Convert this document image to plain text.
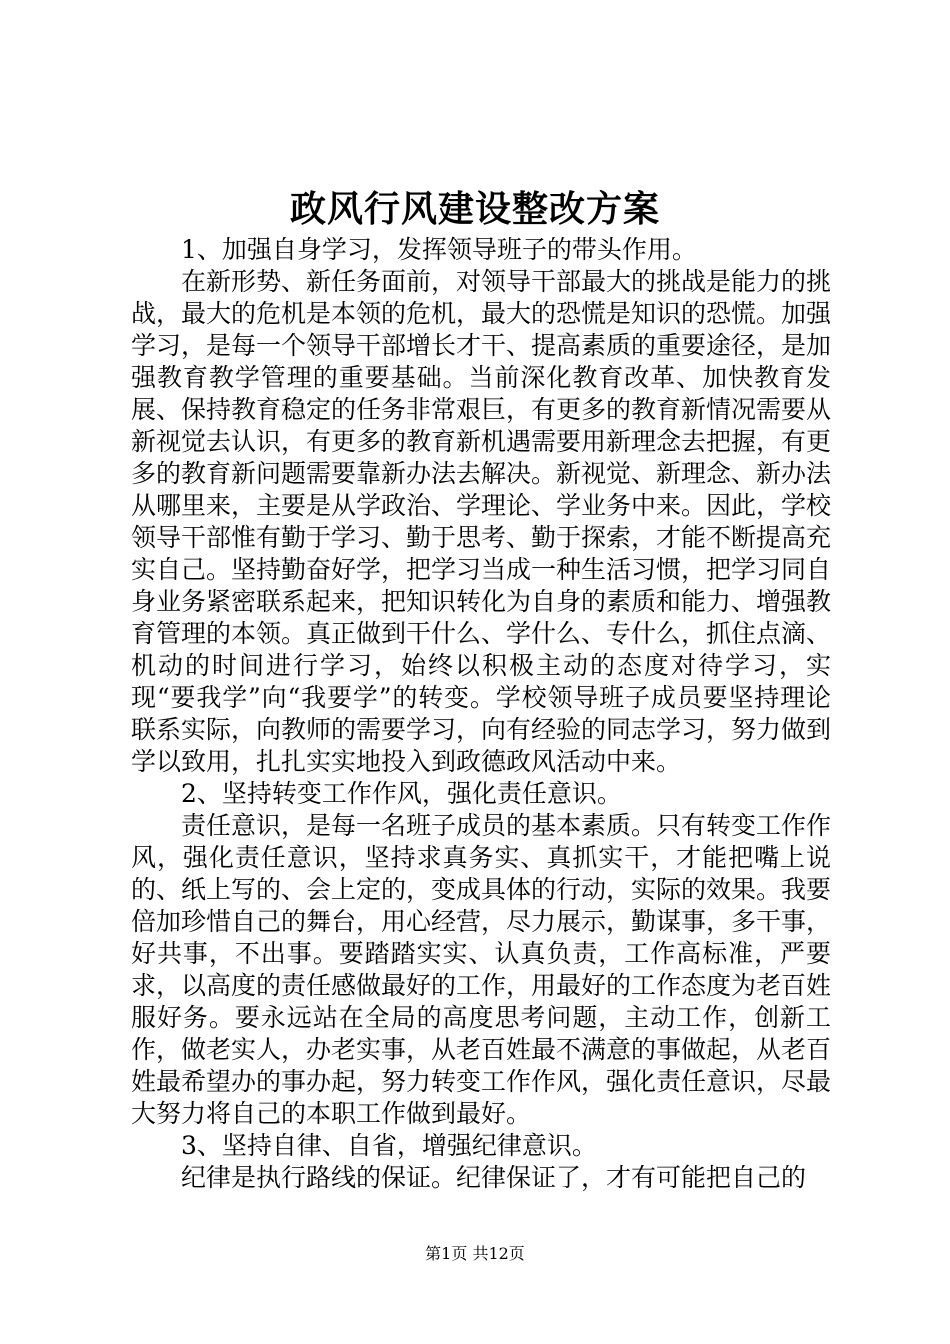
政风行风建设整改方案

1、加强自身学习，发挥领导班子的带头作用。

在新形势、新任务面前，对领导干部最大的挑战是能力的挑战，最大的危机是本领的危机，最大的恐慌是知识的恐慌。加强学习，是每一个领导干部增长才干、提高素质的重要途径，是加强教育教学管理的重要基础。当前深化教育改革、加快教育发展、保持教育稳定的任务非常艰巨，有更多的教育新情况需要从新视觉去认识，有更多的教育新机遇需要用新理念去把握，有更多的教育新问题需要靠新办法去解决。新视觉、新理念、新办法从哪里来，主要是从学政治、学理论、学业务中来。因此，学校领导干部惟有勤于学习、勤于思考、勤于探索，才能不断提高充实自己。坚持勤奋好学，把学习当成一种生活习惯，把学习同自身业务紧密联系起来，把知识转化为自身的素质和能力、增强教育管理的本领。真正做到干什么、学什么、专什么，抓住点滴、机动的时间进行学习，始终以积极主动的态度对待学习，实现“要我学”向“我要学”的转变。学校领导班子成员要坚持理论联系实际，向教师的需要学习，向有经验的同志学习，努力做到学以致用，扎扎实实地投入到政德政风活动中来。

2、坚持转变工作作风，强化责任意识。

责任意识，是每一名班子成员的基本素质。只有转变工作作风，强化责任意识，坚持求真务实、真抓实干，才能把嘴上说的、纸上写的、会上定的，变成具体的行动，实际的效果。我要倍加珍惜自己的舞台，用心经营，尽力展示，勤谋事，多干事，好共事，不出事。要踏踏实实、认真负责，工作高标准，严要求，以高度的责任感做最好的工作，用最好的工作态度为老百姓服好务。要永远站在全局的高度思考问题，主动工作，创新工作，做老实人，办老实事，从老百姓最不满意的事做起，从老百姓最希望办的事办起，努力转变工作作风，强化责任意识，尽最大努力将自己的本职工作做到最好。

3、坚持自律、自省，增强纪律意识。

纪律是执行路线的保证。纪律保证了，才有可能把自己的

第1页 共12页
